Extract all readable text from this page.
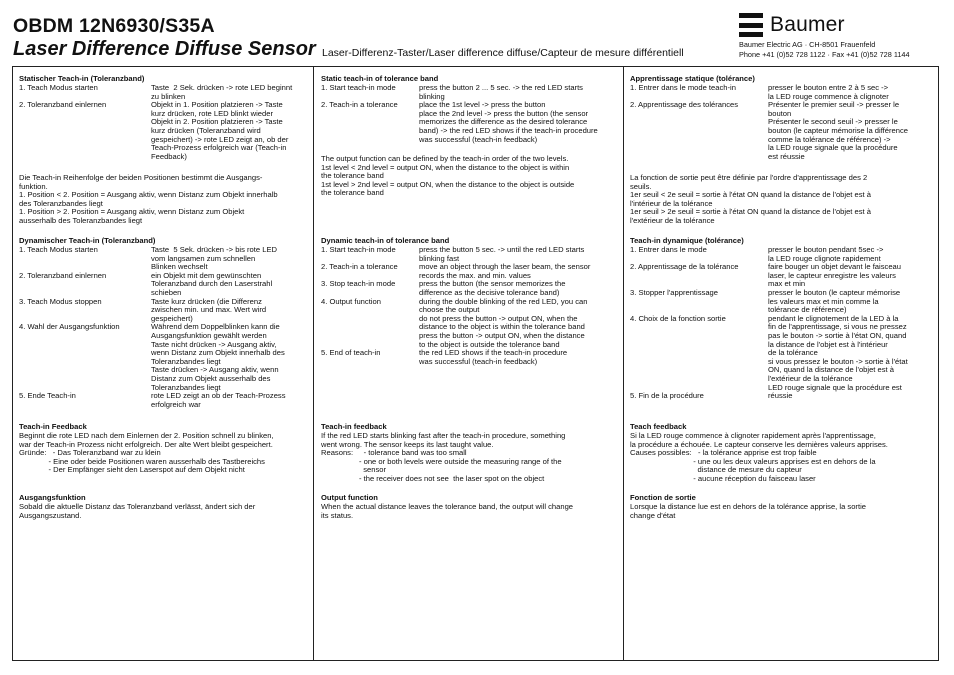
OBDM 12N6930/S35A
Laser Difference Diffuse Sensor Laser-Differenz-Taster/Laser difference diffuse/Capteur de mesure différentiell
Baumer
Baumer Electric AG · CH-8501 Frauenfeld
Phone +41 (0)52 728 1122 · Fax +41 (0)52 728 1144
Statischer Teach-in (Toleranzband)
1. Teach Modus starten

2. Toleranzband einlernen
Taste  2 Sek. drücken -> rote LED beginnt
zu blinken
Objekt in 1. Position platzieren -> Taste
kurz drücken, rote LED blinkt wieder
Objekt in 2. Position platzieren -> Taste
kurz drücken (Toleranzband wird
gespeichert) -> rote LED zeigt an, ob der
Teach-Prozess erfolgreich war (Teach-in
Feedback)
Die Teach-in Reihenfolge der beiden Positionen bestimmt die Ausgangs-
funktion.
1. Position < 2. Position = Ausgang aktiv, wenn Distanz zum Objekt innerhalb
des Toleranzbandes liegt
1. Position > 2. Position = Ausgang aktiv, wenn Distanz zum Objekt
ausserhalb des Toleranzbandes liegt
Dynamischer Teach-in (Toleranzband)
1. Teach Modus starten

2. Toleranzband einlernen

3. Teach Modus stoppen

4. Wahl der Ausgangsfunktion

5. Ende Teach-in
Taste  5 Sek. drücken -> bis rote LED
vom langsamen zum schnellen
Blinken wechselt
ein Objekt mit dem gewünschten
Toleranzband durch den Laserstrahl
schieben
Taste kurz drücken (die Differenz
zwischen min. und max. Wert wird
gespeichert)
Während dem Doppelblinken kann die
Ausgangsfunktion gewählt werden
Taste nicht drücken -> Ausgang aktiv,
wenn Distanz zum Objekt innerhalb des
Toleranzbandes liegt
Taste drücken -> Ausgang aktiv, wenn
Distanz zum Objekt ausserhalb des
Toleranzbandes liegt
rote LED zeigt an ob der Teach-Prozess
erfolgreich war
Teach-in Feedback
Beginnt die rote LED nach dem Einlernen der 2. Position schnell zu blinken,
war der Teach-in Prozess nicht erfolgreich. Der alte Wert bleibt gespeichert.
Gründe:   - Das Toleranzband war zu klein
- Eine oder beide Positionen waren ausserhalb des Tastbereichs
- Der Empfänger sieht den Laserspot auf dem Objekt nicht
Ausgangsfunktion
Sobald die aktuelle Distanz das Toleranzband verlässt, ändert sich der
Ausgangszustand.
Static teach-in of tolerance band
1. Start teach-in mode

2. Teach-in a tolerance
press the button 2 ... 5 sec. -> the red LED starts
blinking
place the 1st level -> press the button
place the 2nd level -> press the button (the sensor
memorizes the difference as the desired tolerance
band) -> the red LED shows if the teach-in procedure
was successful (teach-in feedback)
The output function can be defined by the teach-in order of the two levels.
1st level < 2nd level = output ON, when the distance to the object is within
the tolerance band
1st level > 2nd level = output ON, when the distance to the object is outside
the tolerance band
Dynamic teach-in of tolerance band
1. Start teach-in mode

2. Teach-in a tolerance

3. Stop teach-in mode

4. Output function

5. End of teach-in
press the button 5 sec. -> until the red LED starts
blinking fast
move an object through the laser beam, the sensor
records the max. and min. values
press the button (the sensor memorizes the
difference as the decisive tolerance band)
during the double blinking of the red LED, you can
choose the output
do not press the button -> output ON, when the
distance to the object is within the tolerance band
press the button -> output ON, when the distance
to the object is outside the tolerance band
the red LED shows if the teach-in procedure
was successful (teach-in feedback)
Teach-in feedback
If the red LED starts blinking fast after the teach-in procedure, something
went wrong. The sensor keeps its last taught value.
Reasons:     - tolerance band was too small
- one or both levels were outside the measuring range of the
sensor
- the receiver does not see  the laser spot on the object
Output function
When the actual distance leaves the tolerance band, the output will change
its status.
Apprentissage statique (tolérance)
1. Entrer dans le mode teach-in

2. Apprentissage des tolérances
presser le bouton entre 2 à 5 sec ->
la LED rouge commence à clignoter
Présenter le premier seuil -> presser le
bouton
Présenter le second seuil -> presser le
bouton (le capteur mémorise la différence
comme la tolérance de référence) ->
la LED rouge signale que la procédure
est réussie
La fonction de sortie peut être définie par l'ordre d'apprentissage des 2
seuils.
1er seuil < 2e seuil = sortie à l'état ON quand la distance de l'objet est à
l'intérieur de la tolérance
1er seuil > 2e seuil = sortie à l'état ON quand la distance de l'objet est à
l'extérieur de la tolérance
Teach-in dynamique (tolérance)
1. Entrer dans le mode

2. Apprentissage de la tolérance

3. Stopper l'apprentissage

4. Choix de la fonction sortie

5. Fin de la procédure
presser le bouton pendant 5sec ->
la LED rouge clignote rapidement
faire bouger un objet devant le faisceau
laser, le capteur enregistre les valeurs
max et min
presser le bouton (le capteur mémorise
les valeurs max et min comme la
tolérance de référence)
pendant le clignotement de la LED à la
fin de l'apprentissage, si vous ne pressez
pas le bouton -> sortie à l'état ON, quand
la distance de l'objet est à l'intérieur
de la tolérance
si vous pressez le bouton -> sortie à l'état
ON, quand la distance de l'objet est à
l'extérieur de la tolérance
LED rouge signale que la procédure est
réussie
Teach feedback
Si la LED rouge commence à clignoter rapidement après l'apprentissage,
la procédure a échouée. Le capteur conserve les dernières valeurs apprises.
Causes possibles:   - la tolérance apprise est trop faible
- une ou les deux valeurs apprises est en dehors de la
distance de mesure du capteur
- aucune réception du faisceau laser
Fonction de sortie
Lorsque la distance lue est en dehors de la tolérance apprise, la sortie
change d'état
